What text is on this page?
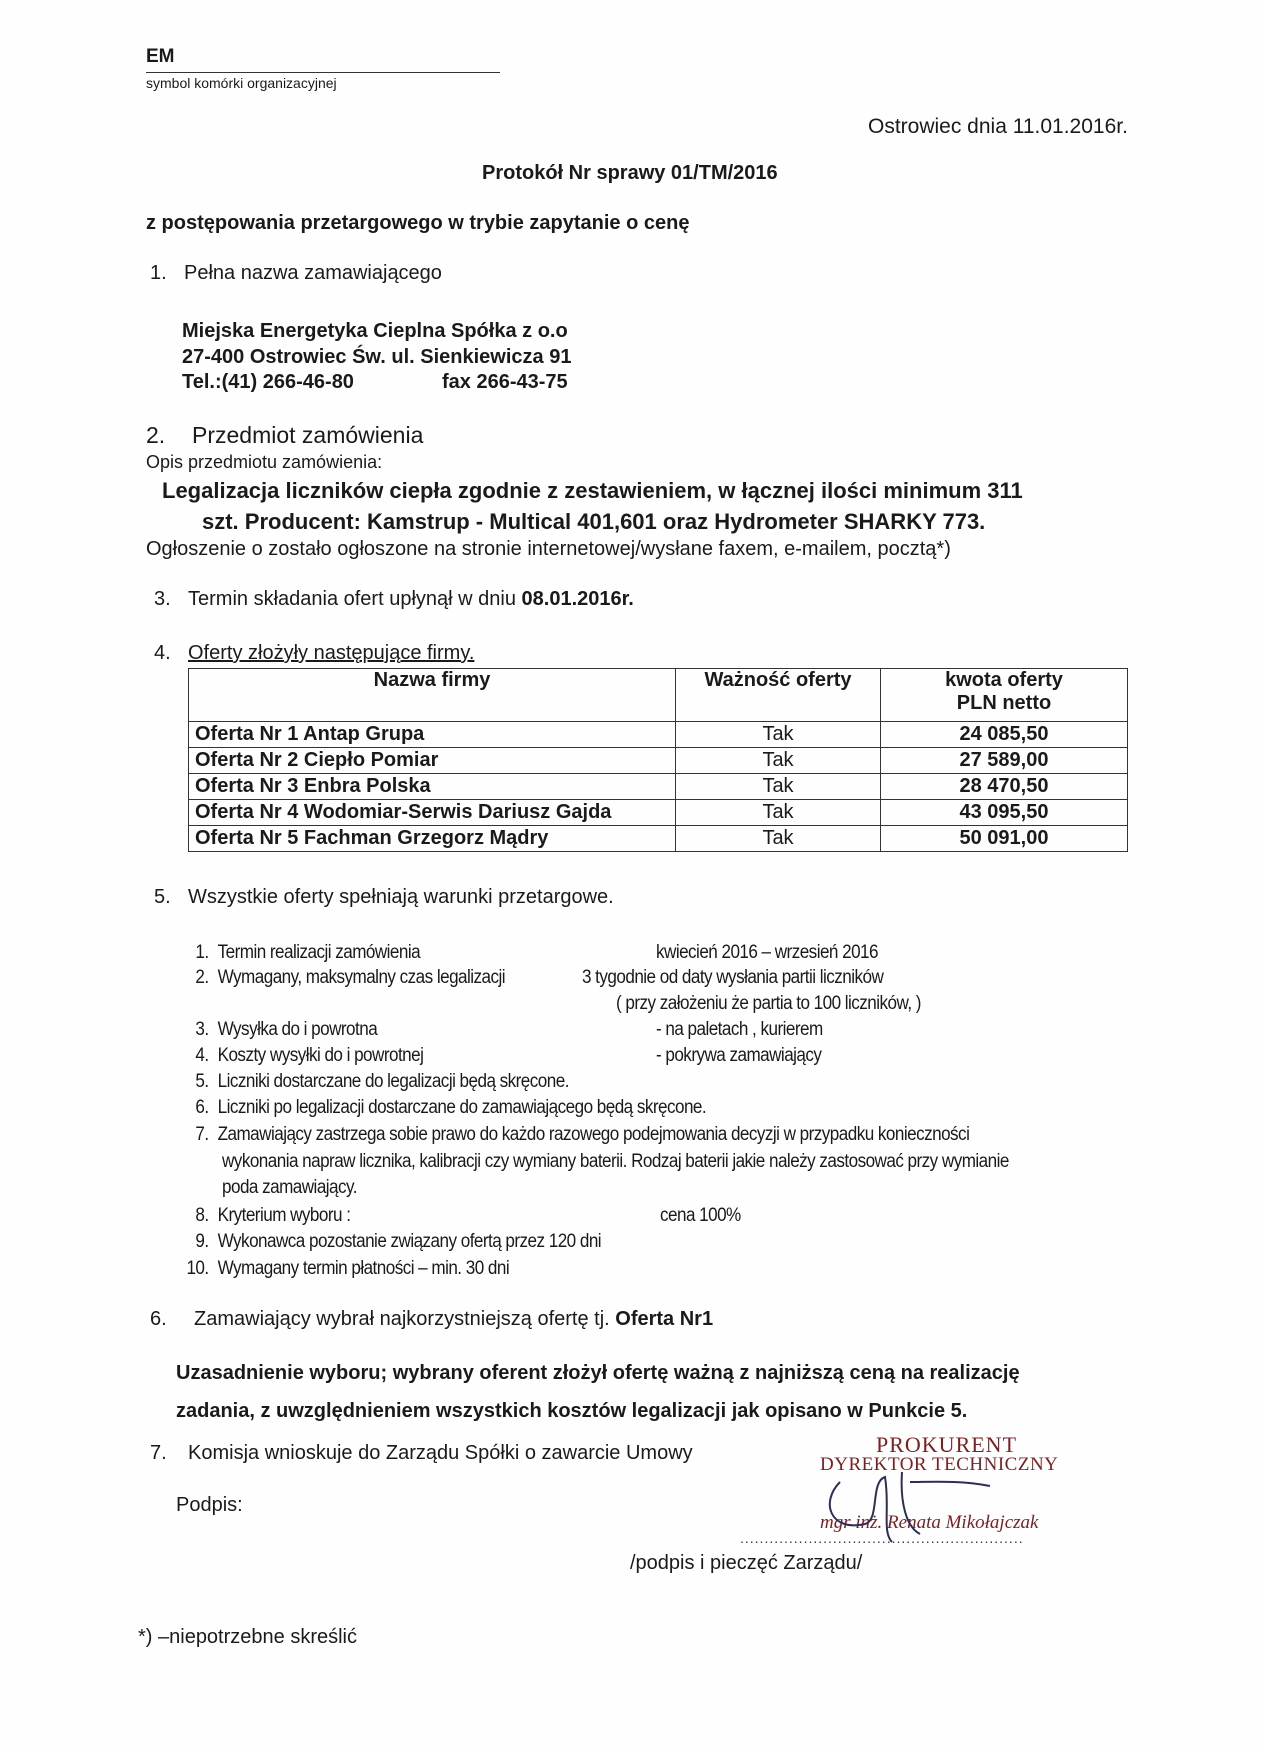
EM
symbol komórki organizacyjnej
Ostrowiec dnia 11.01.2016r.
Protokół Nr sprawy 01/TM/2016
z postępowania przetargowego w trybie zapytanie o cenę
1. Pełna nazwa zamawiającego
Miejska Energetyka Cieplna Spółka z o.o
27-400 Ostrowiec Św. ul. Sienkiewicza 91
Tel.:(41) 266-46-80	fax 266-43-75
2. Przedmiot zamówienia
Opis przedmiotu zamówienia:
Legalizacja liczników ciepła zgodnie z zestawieniem, w łącznej ilości minimum 311
szt. Producent: Kamstrup - Multical 401,601 oraz Hydrometer SHARKY 773.
Ogłoszenie o zostało ogłoszone na stronie internetowej/wysłane faxem, e-mailem, pocztą*)
3. Termin składania ofert upłynął w dniu 08.01.2016r.
4. Oferty złożyły następujące firmy.
Nazwa firmy	Ważność oferty	kwota oferty
PLN netto
Oferta Nr 1 Antap Grupa	Tak	24 085,50
Oferta Nr 2 Ciepło Pomiar	Tak	27 589,00
Oferta Nr 3 Enbra Polska	Tak	28 470,50
Oferta Nr 4 Wodomiar-Serwis Dariusz Gajda	Tak	43 095,50
Oferta Nr 5 Fachman Grzegorz Mądry	Tak	50 091,00
5. Wszystkie oferty spełniają warunki przetargowe.
1. Termin realizacji zamówienia	kwiecień 2016 – wrzesień 2016
2. Wymagany, maksymalny czas legalizacji	3 tygodnie od daty wysłania partii liczników
( przy założeniu że partia to 100 liczników, )
3. Wysyłka do i powrotna	- na paletach , kurierem
4. Koszty wysyłki do i powrotnej	- pokrywa zamawiający
5. Liczniki dostarczane do legalizacji będą skręcone.
6. Liczniki po legalizacji dostarczane do zamawiającego będą skręcone.
7. Zamawiający zastrzega sobie prawo do każdo razowego podejmowania decyzji w przypadku konieczności
wykonania napraw licznika, kalibracji czy wymiany baterii. Rodzaj baterii jakie należy zastosować przy wymianie
poda zamawiający.
8. Kryterium wyboru :	cena 100%
9. Wykonawca pozostanie związany ofertą przez 120 dni
10. Wymagany termin płatności – min. 30 dni
6. Zamawiający wybrał najkorzystniejszą ofertę tj. Oferta Nr1
Uzasadnienie wyboru; wybrany oferent złożył ofertę ważną z najniższą ceną na realizację
zadania, z uwzględnieniem wszystkich kosztów legalizacji jak opisano w Punkcie 5.
7. Komisja wnioskuje do Zarządu Spółki o zawarcie Umowy
Podpis:
PROKURENT
DYREKTOR TECHNICZNY
mgr inż. Renata Mikołajczak
..........................................................
/podpis i pieczęć Zarządu/
*) –niepotrzebne skreślić
